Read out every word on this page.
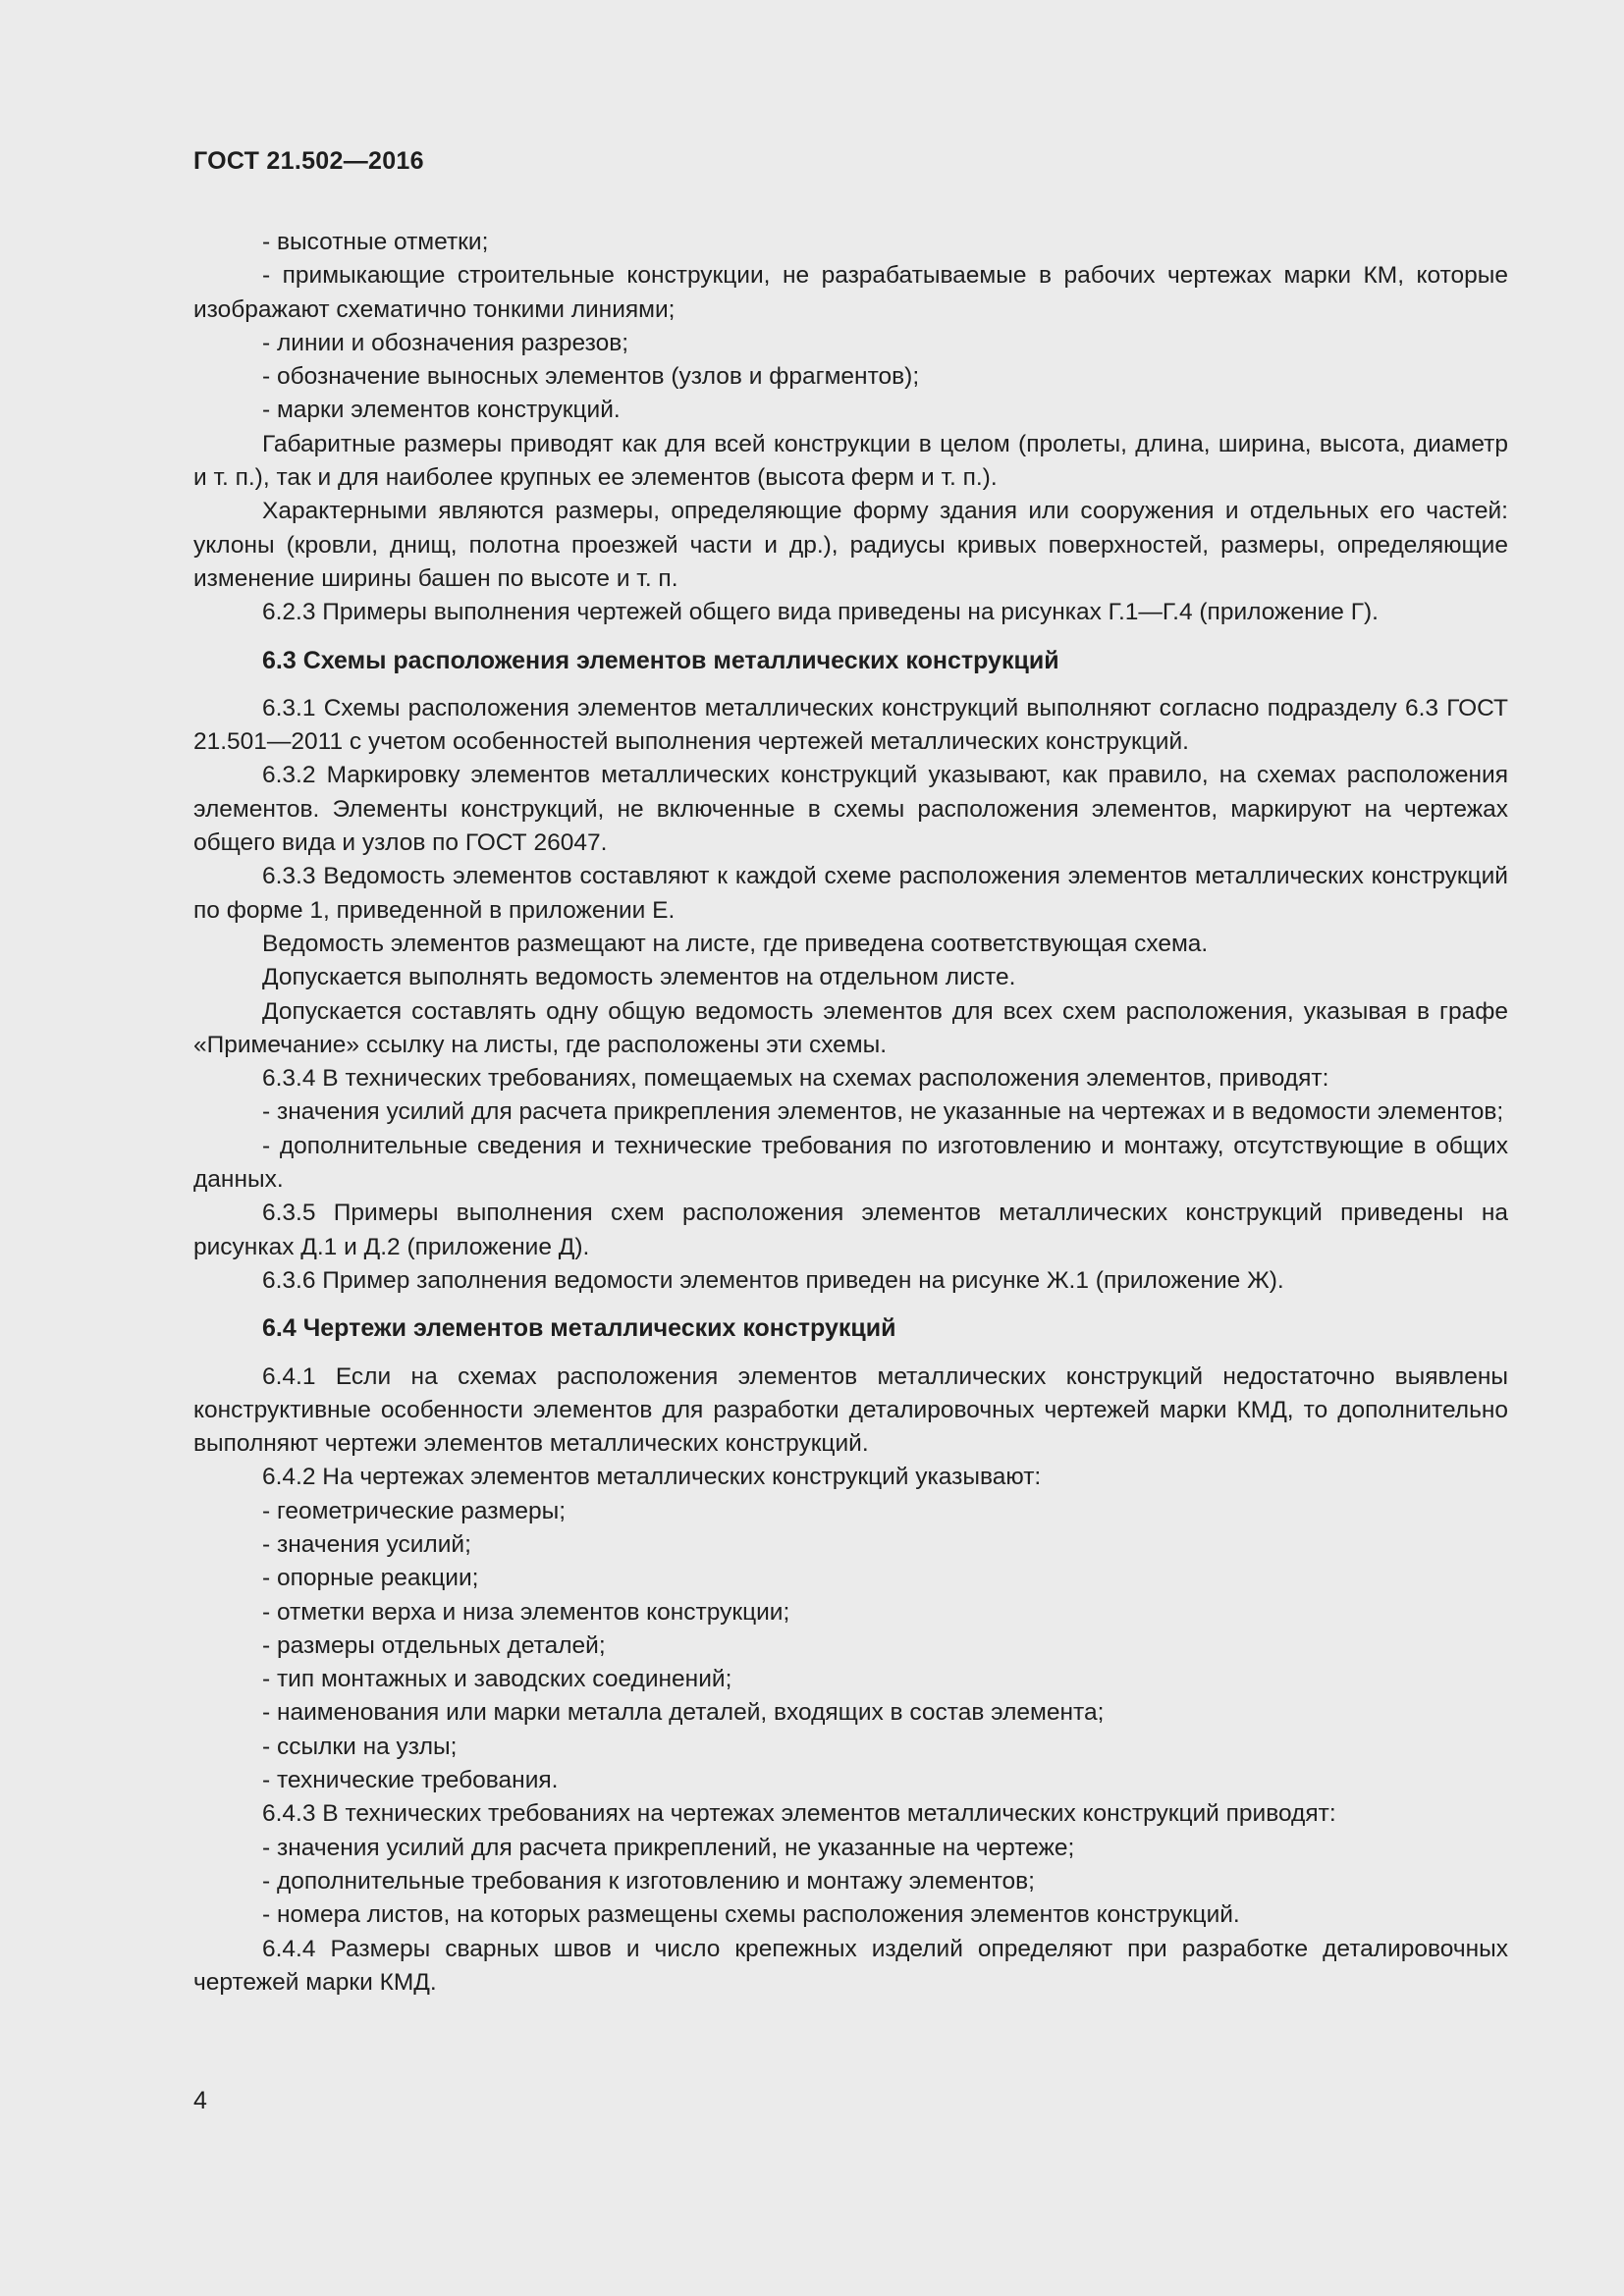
ГОСТ 21.502—2016

- высотные отметки;

- примыкающие строительные конструкции, не разрабатываемые в рабочих чертежах марки КМ, которые изображают схематично тонкими линиями;

- линии и обозначения разрезов;

- обозначение выносных элементов (узлов и фрагментов);

- марки элементов конструкций.

Габаритные размеры приводят как для всей конструкции в целом (пролеты, длина, ширина, высота, диаметр и т. п.), так и для наиболее крупных ее элементов (высота ферм и т. п.).

Характерными являются размеры, определяющие форму здания или сооружения и отдельных его частей: уклоны (кровли, днищ, полотна проезжей части и др.), радиусы кривых поверхностей, размеры, определяющие изменение ширины башен по высоте и т. п.

6.2.3 Примеры выполнения чертежей общего вида приведены на рисунках Г.1—Г.4 (приложение Г).

6.3 Схемы расположения элементов металлических конструкций

6.3.1 Схемы расположения элементов металлических конструкций выполняют согласно подразделу 6.3 ГОСТ 21.501—2011 с учетом особенностей выполнения чертежей металлических конструкций.

6.3.2 Маркировку элементов металлических конструкций указывают, как правило, на схемах расположения элементов. Элементы конструкций, не включенные в схемы расположения элементов, маркируют на чертежах общего вида и узлов по ГОСТ 26047.

6.3.3 Ведомость элементов составляют к каждой схеме расположения элементов металлических конструкций по форме 1, приведенной в приложении Е.

Ведомость элементов размещают на листе, где приведена соответствующая схема.

Допускается выполнять ведомость элементов на отдельном листе.

Допускается составлять одну общую ведомость элементов для всех схем расположения, указывая в графе «Примечание» ссылку на листы, где расположены эти схемы.

6.3.4 В технических требованиях, помещаемых на схемах расположения элементов, приводят:

- значения усилий для расчета прикрепления элементов, не указанные на чертежах и в ведомости элементов;

- дополнительные сведения и технические требования по изготовлению и монтажу, отсутствующие в общих данных.

6.3.5 Примеры выполнения схем расположения элементов металлических конструкций приведены на рисунках Д.1 и Д.2 (приложение Д).

6.3.6 Пример заполнения ведомости элементов приведен на рисунке Ж.1 (приложение Ж).

6.4 Чертежи элементов металлических конструкций

6.4.1 Если на схемах расположения элементов металлических конструкций недостаточно выявлены конструктивные особенности элементов для разработки деталировочных чертежей марки КМД, то дополнительно выполняют чертежи элементов металлических конструкций.

6.4.2 На чертежах элементов металлических конструкций указывают:

- геометрические размеры;

- значения усилий;

- опорные реакции;

- отметки верха и низа элементов конструкции;

- размеры отдельных деталей;

- тип монтажных и заводских соединений;

- наименования или марки металла деталей, входящих в состав элемента;

- ссылки на узлы;

- технические требования.

6.4.3 В технических требованиях на чертежах элементов металлических конструкций приводят:

- значения усилий для расчета прикреплений, не указанные на чертеже;

- дополнительные требования к изготовлению и монтажу элементов;

- номера листов, на которых размещены схемы расположения элементов конструкций.

6.4.4 Размеры сварных швов и число крепежных изделий определяют при разработке деталировочных чертежей марки КМД.

4
